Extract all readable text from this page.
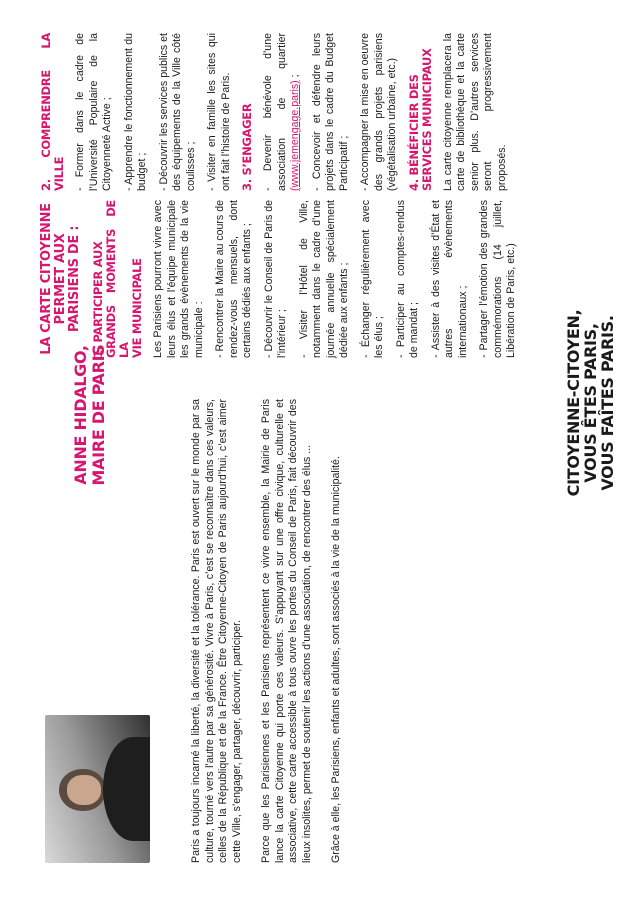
ANNE HIDALGO, MAIRE DE PARIS	Paris a toujours incarné la liberté, la diversité et la tolérance. Paris est ouvert sur le monde par sa culture, tourné vers l’autre par sa générosité. Vivre à Paris, c’est se reconnaître dans ces valeurs, celles de la République et de la France. Être Citoyenne-Citoyen de Paris aujourd’hui, c’est aimer cette Ville, s’engager, partager, découvrir, participer. Parce que les Parisiennes et les Parisiens représentent ce vivre ensemble, la Mairie de Paris lance la carte Citoyenne qui porte ces valeurs. S’appuyant sur une offre civique, culturelle et associative, cette carte accessible à tous ouvre les portes du Conseil de Paris, fait découvrir des lieux insolites, permet de soutenir les actions d’une association, de rencontrer des élus ... Grâce à elle, les Parisiens, enfants et adultes, sont associés à la vie de la municipalité.

CITOYENNE-CITOYEN,
VOUS ÊTES PARIS,
VOUS FAÎTES PARIS.
LA CARTE CITOYENNE PERMET AUX PARISIENS DE : 1. PARTICIPER AUX GRANDS MOMENTS DE LA VIE MUNICIPALE Les Parisiens pourront vivre avec leurs élus et l’équipe municipale les grands évènements de la vie municipale : - Rencontrer la Maire au cours de rendez-vous mensuels, dont certains dédiés aux enfants ; - Découvrir le Conseil de Paris de l’intérieur ; - Visiter l’Hôtel de Ville, notamment dans le cadre d’une journée annuelle spécialement dédiée aux enfants ; - Échanger régulièrement avec les élus ; - Participer au comptes-rendus de mandat ; - Assister à des visites d’État et autres évènements internationaux ; - Partager l’émotion des grandes commémorations (14 juillet, Libération de Paris, etc.)

2. COMPRENDRE LA VILLE - Former dans le cadre de l’Université Populaire de la Citoyenneté Active ; - Apprendre le fonctionnement du budget ; - Découvrir les services publics et des équipements de la Ville côté coulisses ; - Visiter en famille les sites qui ont fait l’histoire de Paris. 3. S’ENGAGER - Devenir bénévole d’une association de quartier (www.jemengage.paris) ; - Concevoir et défendre leurs projets dans le cadre du Budget Participatif ; - Accompagner la mise en oeuvre des grands projets parisiens (végétalisation urbaine, etc.) 4. BÉNÉFICIER DES SERVICES MUNICIPAUX La carte citoyenne remplacera la carte de bibliothèque et la carte senior plus. D’autres services seront progressivement proposés.
